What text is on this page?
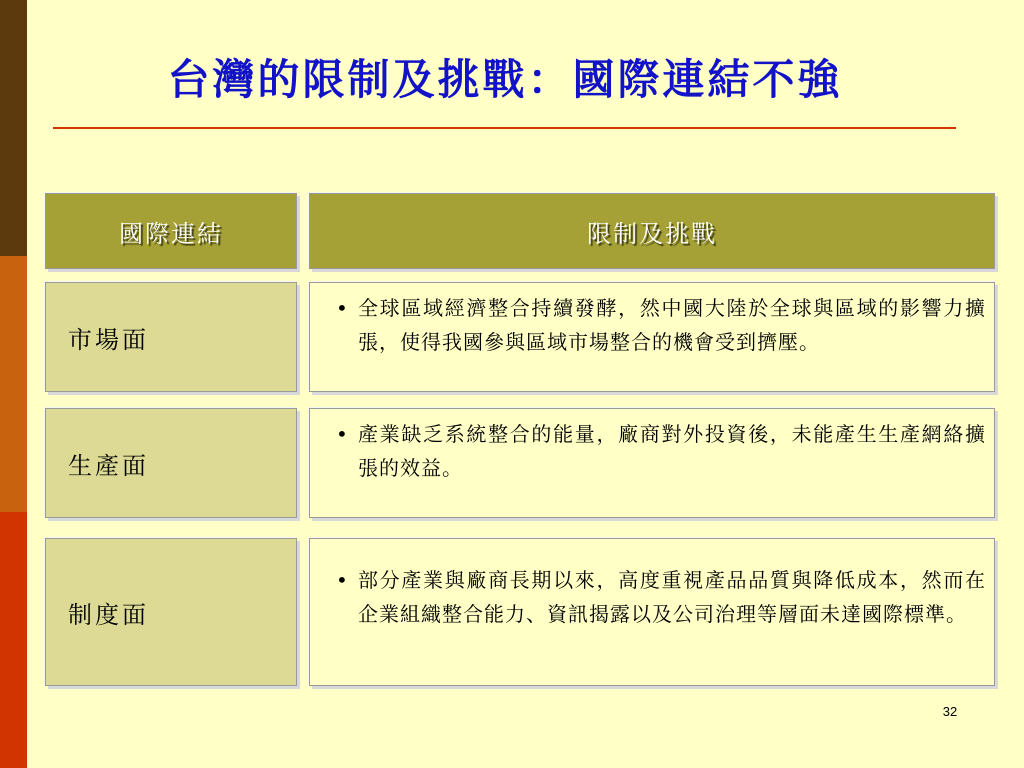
台灣的限制及挑戰：國際連結不強
國際連結	限制及挑戰
市場面
• 全球區域經濟整合持續發酵，然中國大陸於全球與區域的影響力擴張，使得我國參與區域市場整合的機會受到擠壓。
生產面
• 產業缺乏系統整合的能量，廠商對外投資後，未能產生生產網絡擴張的效益。
制度面
• 部分產業與廠商長期以來，高度重視產品品質與降低成本，然而在企業組織整合能力、資訊揭露以及公司治理等層面未達國際標準。
32
